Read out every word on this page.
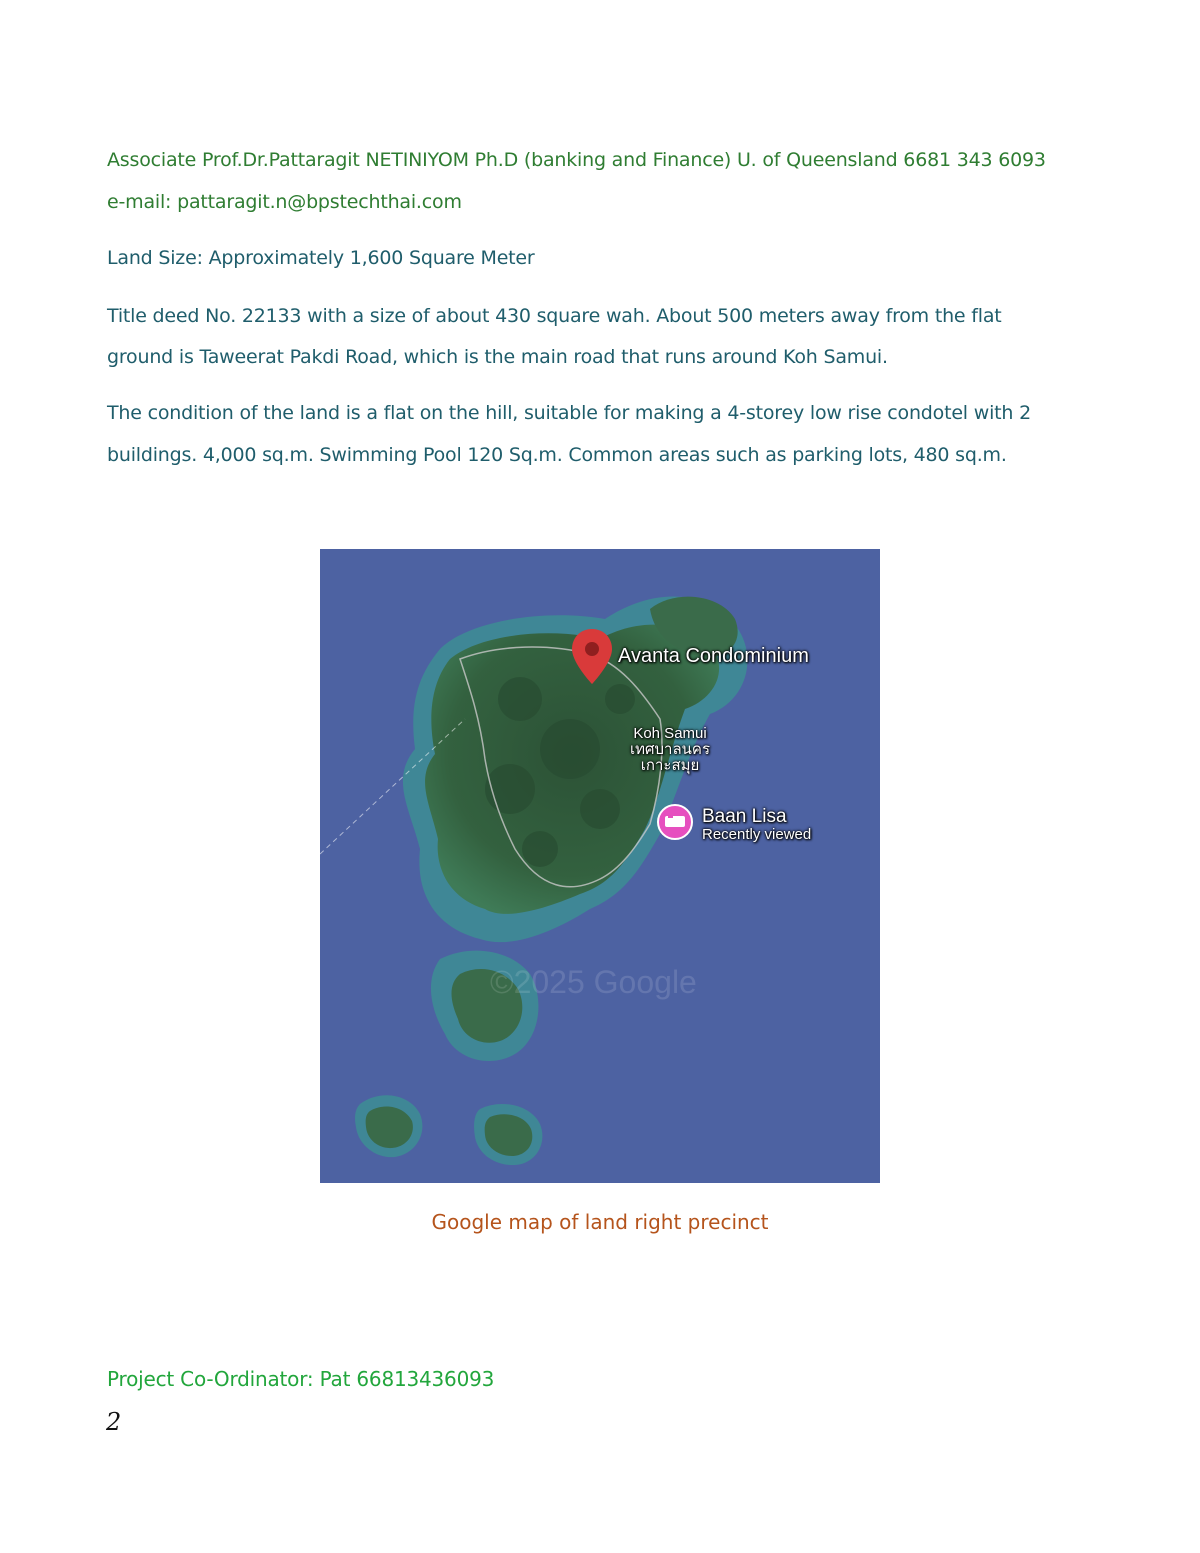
Associate Prof.Dr.Pattaragit NETINIYOM Ph.D (banking and Finance) U. of Queensland 6681 343 6093

e-mail: pattaragit.n@bpstechthai.com

Land Size: Approximately 1,600 Square Meter

Title deed No. 22133 with a size of about 430 square wah. About 500 meters away from the flat

ground is Taweerat Pakdi Road, which is the main road that runs around Koh Samui.

The condition of the land is a flat on the hill, suitable for making a 4-storey low rise condotel with 2

buildings. 4,000 sq.m. Swimming Pool 120 Sq.m. Common areas such as parking lots, 480 sq.m.

©2025 Google
Avanta Condominium
Koh Samui
เทศบาลนคร
เกาะสมุย
Baan Lisa
Recently viewed

Google map of land right precinct

Project Co-Ordinator: Pat 66813436093

2
